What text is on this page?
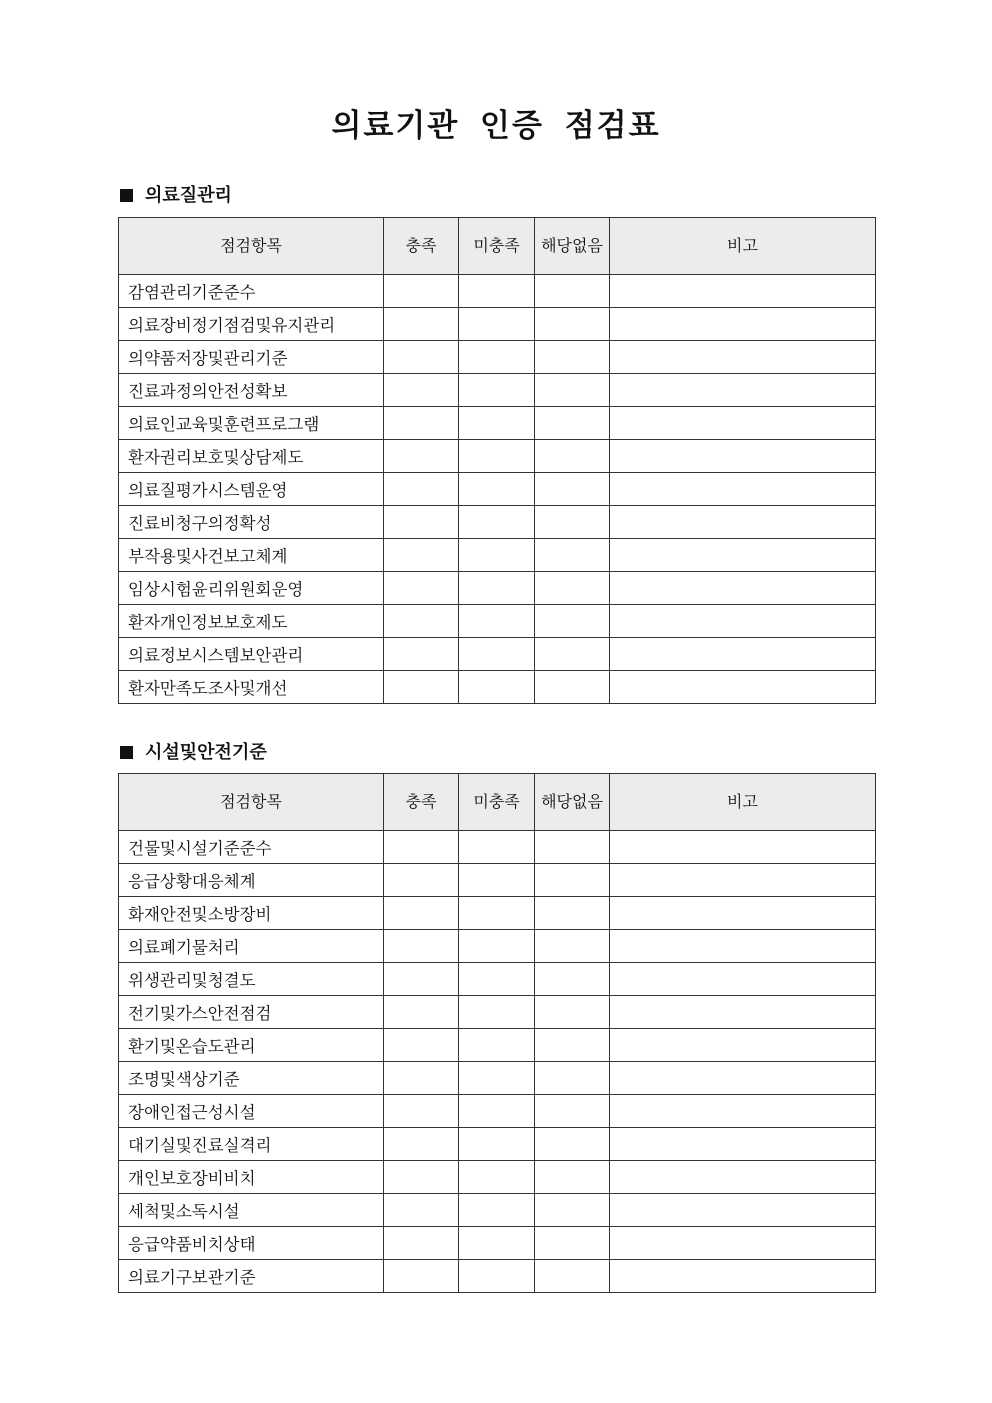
의료기관 인증 점검표
의료질관리
점검항목	충족	미충족	해당없음	비고
감염관리기준준수				
의료장비정기점검및유지관리				
의약품저장및관리기준				
진료과정의안전성확보				
의료인교육및훈련프로그램				
환자권리보호및상담제도				
의료질평가시스템운영				
진료비청구의정확성				
부작용및사건보고체계				
임상시험윤리위원회운영				
환자개인정보보호제도				
의료정보시스템보안관리				
환자만족도조사및개선				
시설및안전기준
점검항목	충족	미충족	해당없음	비고
건물및시설기준준수				
응급상황대응체계				
화재안전및소방장비				
의료폐기물처리				
위생관리및청결도				
전기및가스안전점검				
환기및온습도관리				
조명및색상기준				
장애인접근성시설				
대기실및진료실격리				
개인보호장비비치				
세척및소독시설				
응급약품비치상태				
의료기구보관기준				
